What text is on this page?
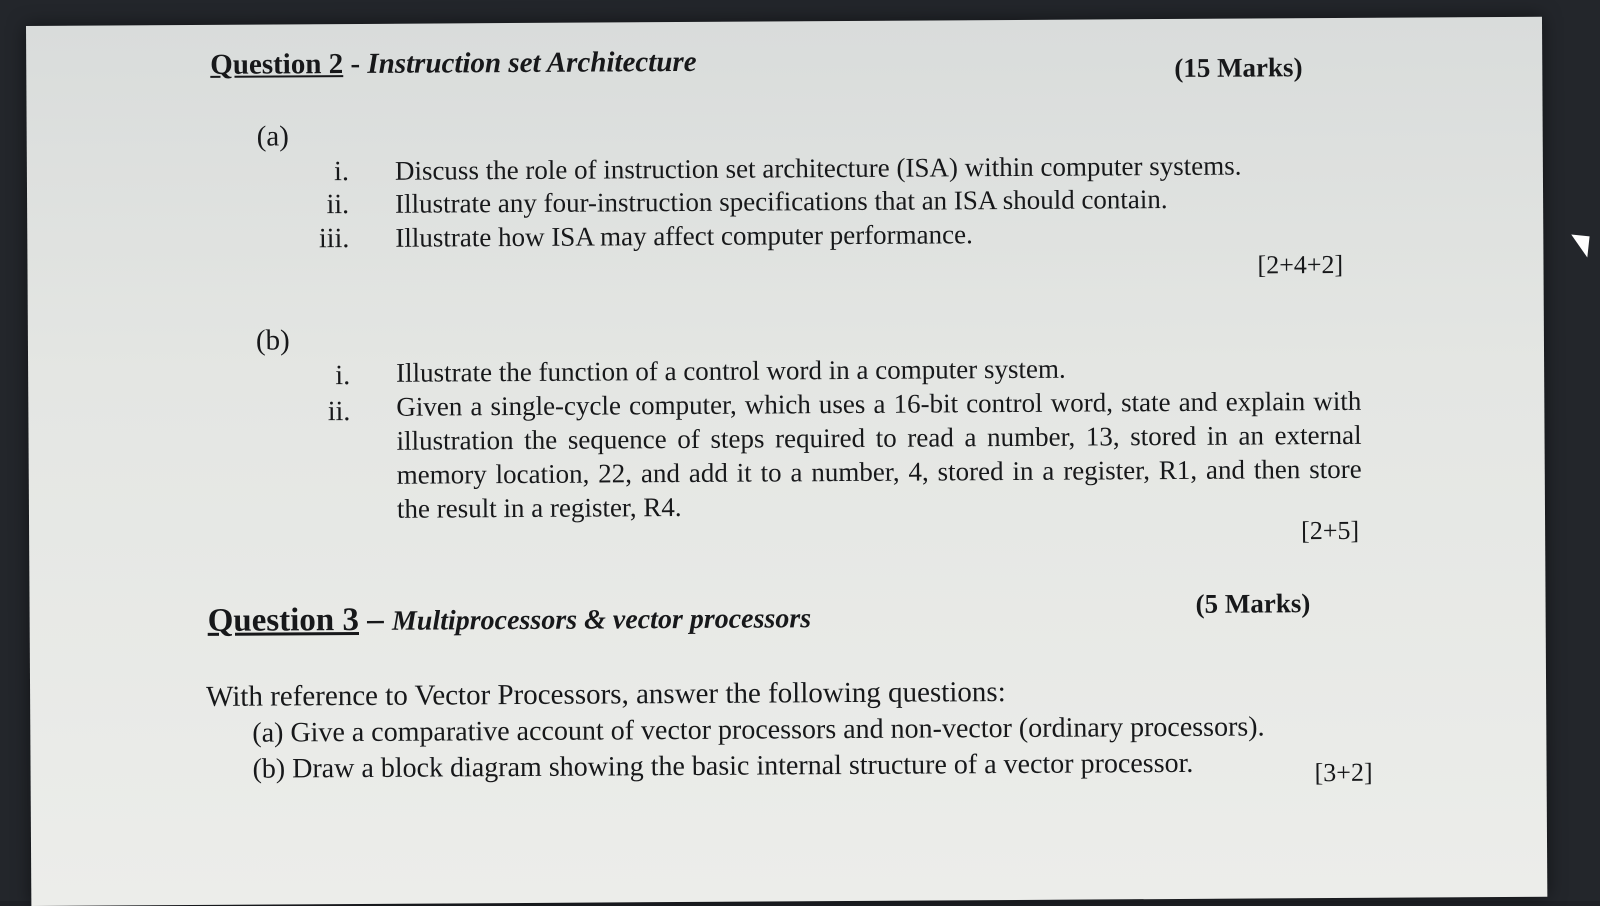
Question 2 - Instruction set Architecture	(15 Marks)
(a)
i. Discuss the role of instruction set architecture (ISA) within computer systems.
ii. Illustrate any four-instruction specifications that an ISA should contain.
iii. Illustrate how ISA may affect computer performance.
[2+4+2]
(b)
i. Illustrate the function of a control word in a computer system.
ii. Given a single-cycle computer, which uses a 16-bit control word, state and explain with illustration the sequence of steps required to read a number, 13, stored in an external memory location, 22, and add it to a number, 4, stored in a register, R1, and then store the result in a register, R4.
[2+5]
Question 3 – Multiprocessors & vector processors	(5 Marks)
With reference to Vector Processors, answer the following questions:
(a) Give a comparative account of vector processors and non-vector (ordinary processors).
(b) Draw a block diagram showing the basic internal structure of a vector processor.	[3+2]
